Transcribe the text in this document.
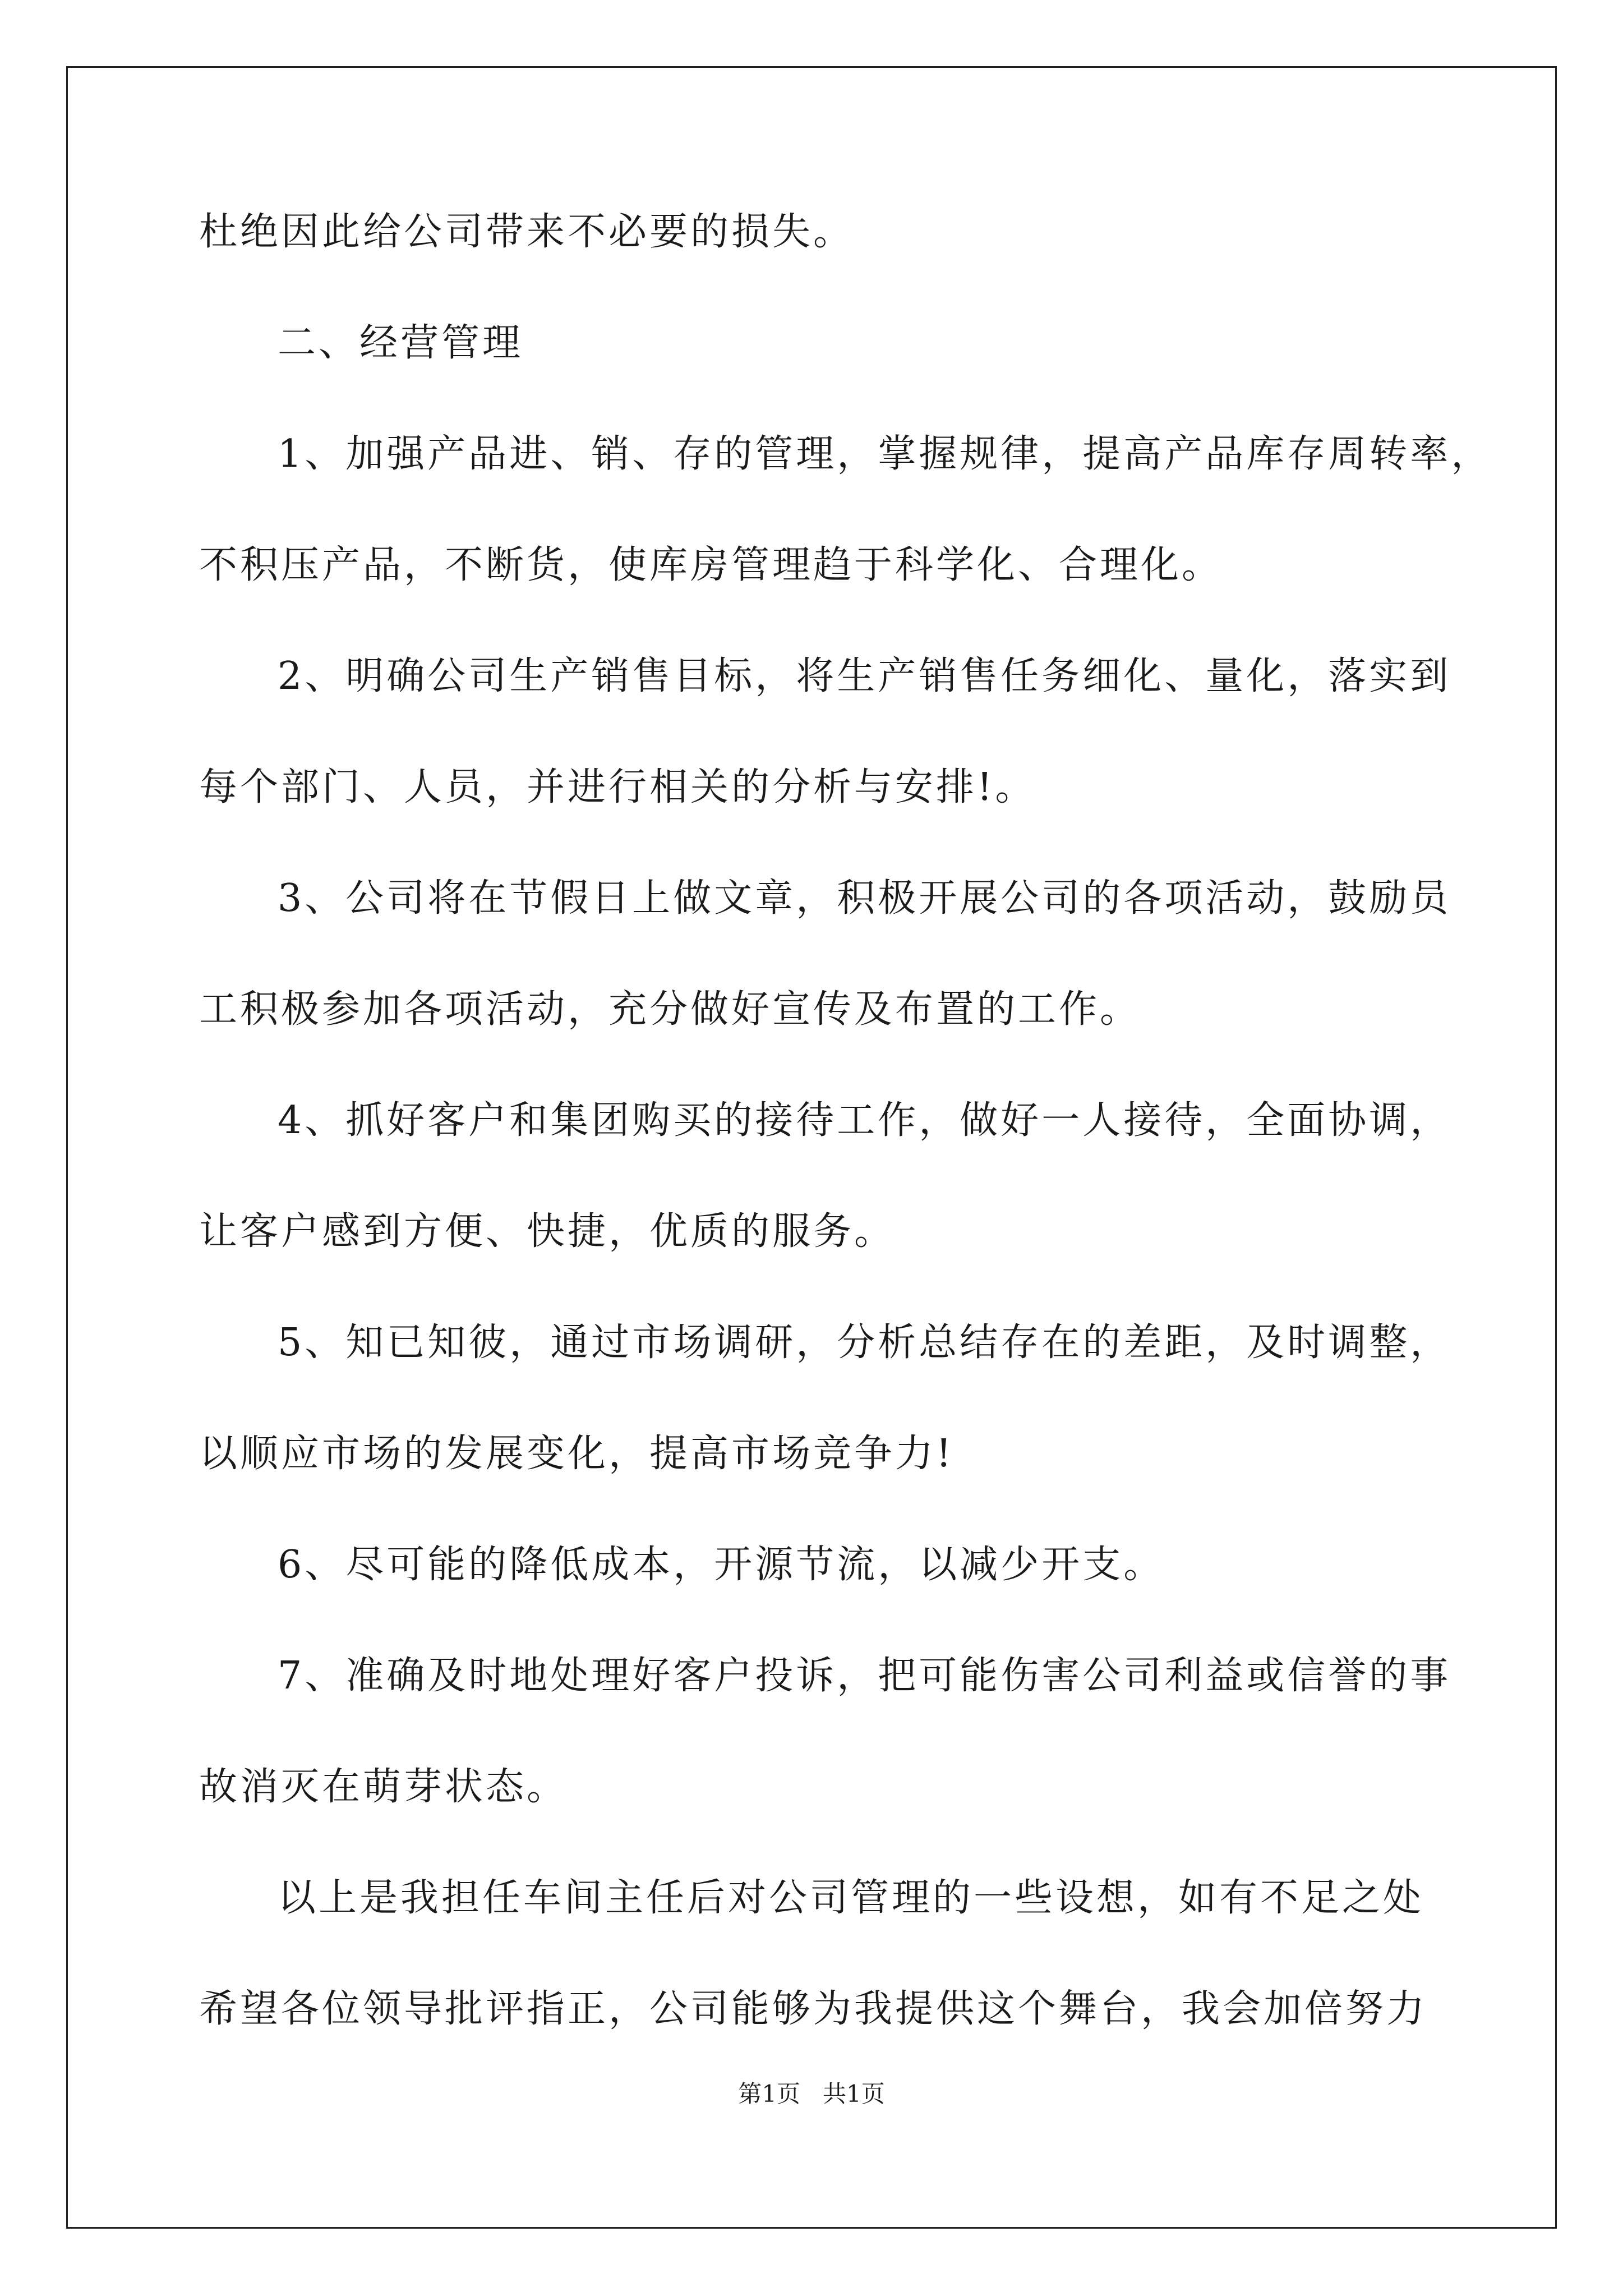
杜绝因此给公司带来不必要的损失。
二、经营管理
1、加强产品进、销、存的管理，掌握规律，提高产品库存周转率，
不积压产品，不断货，使库房管理趋于科学化、合理化。
2、明确公司生产销售目标，将生产销售任务细化、量化，落实到
每个部门、人员，并进行相关的分析与安排!。
3、公司将在节假日上做文章，积极开展公司的各项活动，鼓励员
工积极参加各项活动，充分做好宣传及布置的工作。
4、抓好客户和集团购买的接待工作，做好一人接待，全面协调，
让客户感到方便、快捷，优质的服务。
5、知已知彼，通过市场调研，分析总结存在的差距，及时调整，
以顺应市场的发展变化，提高市场竞争力!
6、尽可能的降低成本，开源节流，以减少开支。
7、准确及时地处理好客户投诉，把可能伤害公司利益或信誉的事
故消灭在萌芽状态。
以上是我担任车间主任后对公司管理的一些设想，如有不足之处
希望各位领导批评指正，公司能够为我提供这个舞台，我会加倍努力
第1页   共1页
